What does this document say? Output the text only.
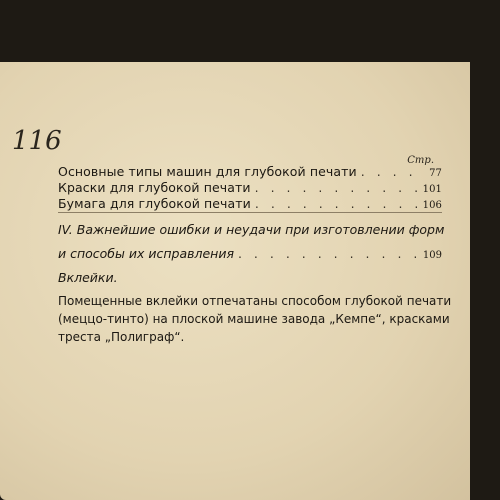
116
Стр.
Основные типы машин для глубокой печати . . .	77
Краски для глубокой печати . . .	101
Бумага для глубокой печати . . .	106
IV. Важнейшие ошибки и неудачи при изготовлении форм
и способы их исправления . . .	109
Вклейки.
Помещенные вклейки отпечатаны способом глубокой печати
(меццо-тинто) на плоской машине завода „Кемпе“, красками
треста „Полиграф“.
